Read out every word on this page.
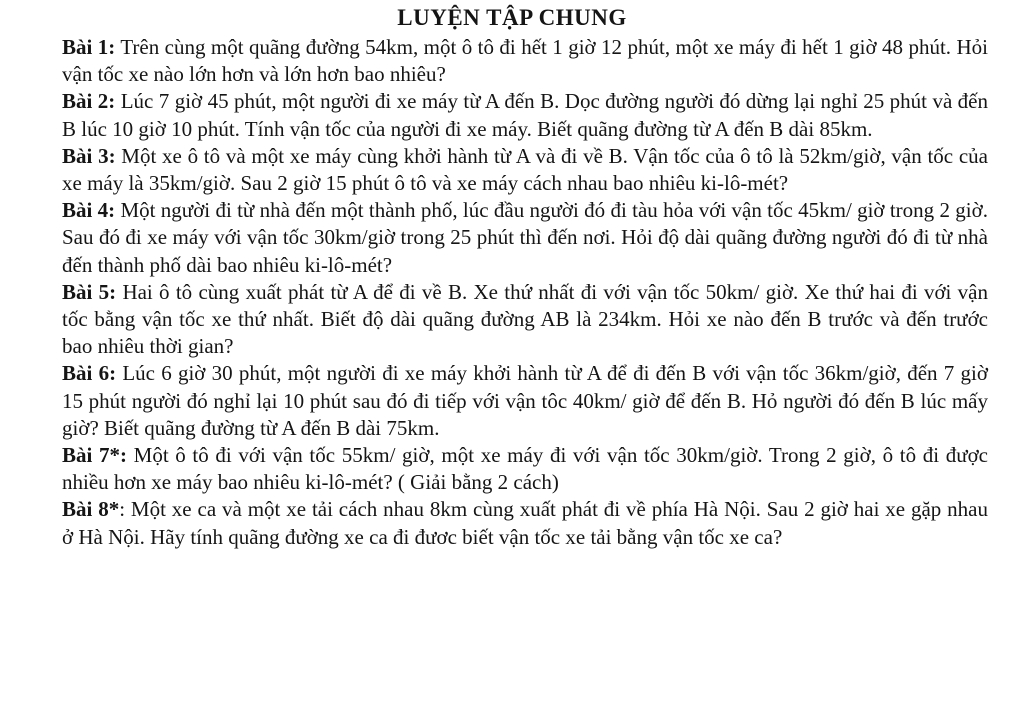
LUYỆN TẬP CHUNG

Bài 1: Trên cùng một quãng đường 54km, một ô tô đi hết 1 giờ 12 phút, một xe máy đi hết 1 giờ 48 phút. Hỏi vận tốc xe nào lớn hơn và lớn hơn bao nhiêu?

Bài 2: Lúc 7 giờ 45 phút, một người đi xe máy từ A đến B. Dọc đường người đó dừng lại nghỉ 25 phút và đến B lúc 10 giờ 10 phút. Tính vận tốc của người đi xe máy. Biết quãng đường từ A đến B dài 85km.

Bài 3: Một xe ô tô và một xe máy cùng khởi hành từ A và đi về B. Vận tốc của ô tô là 52km/giờ, vận tốc của xe máy là 35km/giờ. Sau 2 giờ 15 phút ô tô và xe máy cách nhau bao nhiêu ki-lô-mét?

Bài 4: Một người đi từ nhà đến một thành phố, lúc đầu người đó đi tàu hỏa với vận tốc 45km/ giờ trong 2 giờ. Sau đó đi xe máy với vận tốc 30km/giờ trong 25 phút thì đến nơi. Hỏi độ dài quãng đường người đó đi từ nhà đến thành phố dài bao nhiêu ki-lô-mét?

Bài 5: Hai ô tô cùng xuất phát từ A để đi về B. Xe thứ nhất đi với vận tốc 50km/ giờ. Xe thứ hai đi với vận tốc bằng vận tốc xe thứ nhất. Biết độ dài quãng đường AB là 234km. Hỏi xe nào đến B trước và đến trước bao nhiêu thời gian?

Bài 6: Lúc 6 giờ 30 phút, một người đi xe máy khởi hành từ A để đi đến B với vận tốc 36km/giờ, đến 7 giờ 15 phút người đó nghỉ lại 10 phút sau đó đi tiếp với vận tôc 40km/ giờ để đến B. Hỏ người đó đến B lúc mấy giờ? Biết quãng đường từ A đến B dài 75km.

Bài 7*: Một ô tô đi với vận tốc 55km/ giờ, một xe máy đi với vận tốc 30km/giờ. Trong 2 giờ, ô tô đi được nhiều hơn xe máy bao nhiêu ki-lô-mét? ( Giải bằng 2 cách)

Bài 8*: Một xe ca và một xe tải cách nhau 8km cùng xuất phát đi về phía Hà Nội. Sau 2 giờ hai xe gặp nhau ở Hà Nội. Hãy tính quãng đường xe ca đi đươc biết vận tốc xe tải bằng vận tốc xe ca?
